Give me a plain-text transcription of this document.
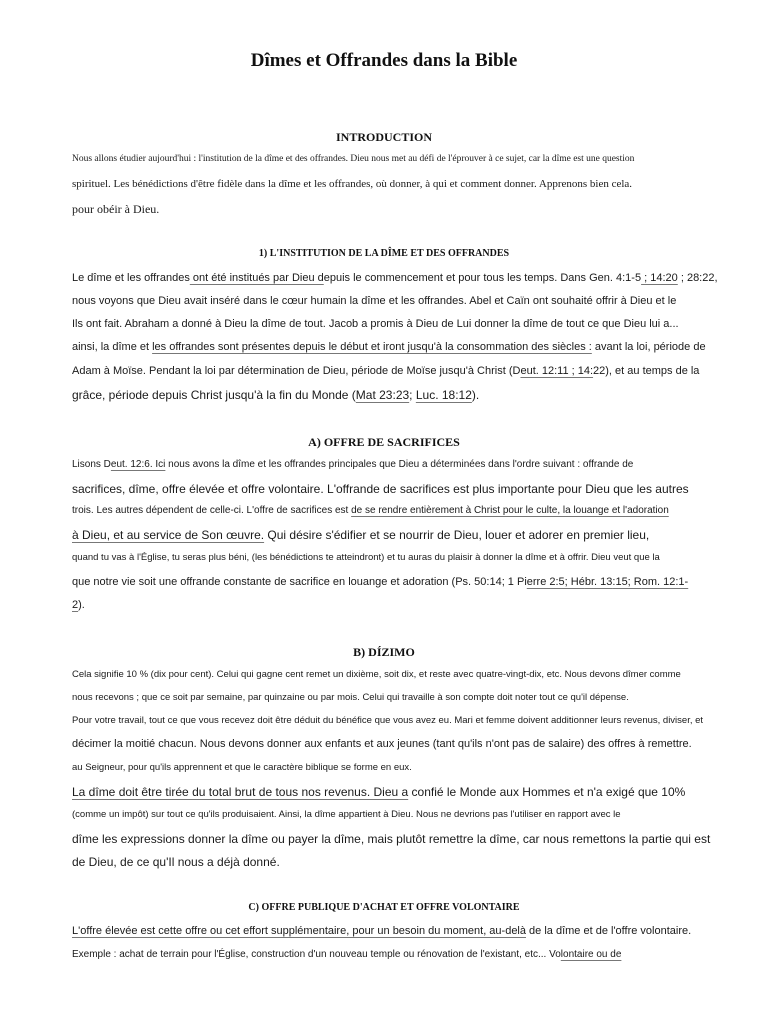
Dîmes et Offrandes dans la Bible
INTRODUCTION
Nous allons étudier aujourd'hui : l'institution de la dîme et des offrandes. Dieu nous met au défi de l'éprouver à ce sujet, car la dîme est une question
spirituel. Les bénédictions d'être fidèle dans la dîme et les offrandes, où donner, à qui et comment donner. Apprenons bien cela.
pour obéir à Dieu.
1) L'INSTITUTION DE LA DÎME ET DES OFFRANDES
Le dîme et les offrandes ont été institués par Dieu depuis le commencement et pour tous les temps. Dans Gen. 4:1-5 ; 14:20 ; 28:22,
nous voyons que Dieu avait inséré dans le cœur humain la dîme et les offrandes. Abel et Caïn ont souhaité offrir à Dieu et le
Ils ont fait. Abraham a donné à Dieu la dîme de tout. Jacob a promis à Dieu de Lui donner la dîme de tout ce que Dieu lui a...
ainsi, la dîme et les offrandes sont présentes depuis le début et iront jusqu'à la consommation des siècles : avant la loi, période de
Adam à Moïse. Pendant la loi par détermination de Dieu, période de Moïse jusqu'à Christ (Deut. 12:11 ; 14:22), et au temps de la
grâce, période depuis Christ jusqu'à la fin du Monde (Mat 23:23; Luc. 18:12).
A) OFFRE DE SACRIFICES
Lisons Deut. 12:6. Ici nous avons la dîme et les offrandes principales que Dieu a déterminées dans l'ordre suivant : offrande de
sacrifices, dîme, offre élevée et offre volontaire. L'offrande de sacrifices est plus importante pour Dieu que les autres
trois. Les autres dépendent de celle-ci. L'offre de sacrifices est de se rendre entièrement à Christ pour le culte, la louange et l'adoration
à Dieu, et au service de Son œuvre. Qui désire s'édifier et se nourrir de Dieu, louer et adorer en premier lieu,
quand tu vas à l'Église, tu seras plus béni, (les bénédictions te atteindront) et tu auras du plaisir à donner la dîme et à offrir. Dieu veut que la
que notre vie soit une offrande constante de sacrifice en louange et adoration (Ps. 50:14; 1 Pierre 2:5; Hébr. 13:15; Rom. 12:1-
2).
B) DÍZIMO
Cela signifie 10 % (dix pour cent). Celui qui gagne cent remet un dixième, soit dix, et reste avec quatre-vingt-dix, etc. Nous devons dîmer comme
nous recevons ; que ce soit par semaine, par quinzaine ou par mois. Celui qui travaille à son compte doit noter tout ce qu'il dépense.
Pour votre travail, tout ce que vous recevez doit être déduit du bénéfice que vous avez eu. Mari et femme doivent additionner leurs revenus, diviser, et
décimer la moitié chacun. Nous devons donner aux enfants et aux jeunes (tant qu'ils n'ont pas de salaire) des offres à remettre.
au Seigneur, pour qu'ils apprennent et que le caractère biblique se forme en eux.
La dîme doit être tirée du total brut de tous nos revenus. Dieu a confié le Monde aux Hommes et n'a exigé que 10%
(comme un impôt) sur tout ce qu'ils produisaient. Ainsi, la dîme appartient à Dieu. Nous ne devrions pas l'utiliser en rapport avec le
dîme les expressions donner la dîme ou payer la dîme, mais plutôt remettre la dîme, car nous remettons la partie qui est
de Dieu, de ce qu'Il nous a déjà donné.
C) OFFRE PUBLIQUE D'ACHAT ET OFFRE VOLONTAIRE
L'offre élevée est cette offre ou cet effort supplémentaire, pour un besoin du moment, au-delà de la dîme et de l'offre volontaire.
Exemple : achat de terrain pour l'Église, construction d'un nouveau temple ou rénovation de l'existant, etc... Volontaire ou de
